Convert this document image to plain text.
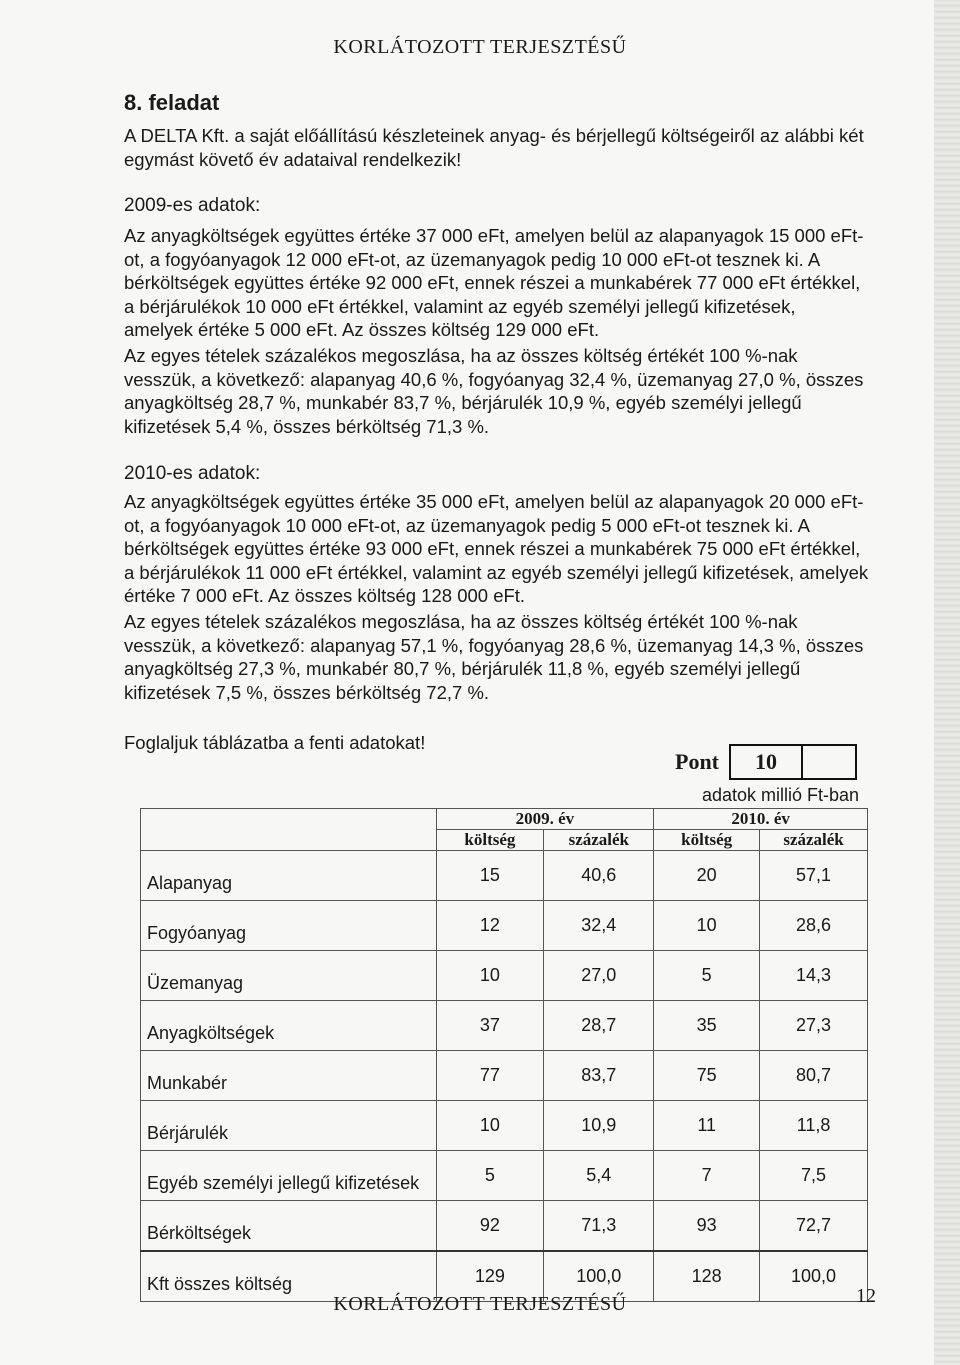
KORLÁTOZOTT TERJESZTÉSŰ
8. feladat

A DELTA Kft. a saját előállítású készleteinek anyag- és bérjellegű költségeiről az alábbi két egymást követő év adataival rendelkezik!

2009-es adatok:

Az anyagköltségek együttes értéke 37 000 eFt, amelyen belül az alapanyagok 15 000 eFt-ot, a fogyóanyagok 12 000 eFt-ot, az üzemanyagok pedig 10 000 eFt-ot tesznek ki. A bérköltségek együttes értéke 92 000 eFt, ennek részei a munkabérek 77 000 eFt értékkel, a bérjárulékok 10 000 eFt értékkel, valamint az egyéb személyi jellegű kifizetések, amelyek értéke 5 000 eFt. Az összes költség 129 000 eFt.

Az egyes tételek százalékos megoszlása, ha az összes költség értékét 100 %-nak vesszük, a következő: alapanyag 40,6 %, fogyóanyag 32,4 %, üzemanyag 27,0 %, összes anyagköltség 28,7 %, munkabér 83,7 %, bérjárulék 10,9 %, egyéb személyi jellegű kifizetések 5,4 %, összes bérköltség 71,3 %.

2010-es adatok:

Az anyagköltségek együttes értéke 35 000 eFt, amelyen belül az alapanyagok 20 000 eFt-ot, a fogyóanyagok 10 000 eFt-ot, az üzemanyagok pedig 5 000 eFt-ot tesznek ki. A bérköltségek együttes értéke 93 000 eFt, ennek részei a munkabérek 75 000 eFt értékkel, a bérjárulékok 11 000 eFt értékkel, valamint az egyéb személyi jellegű kifizetések, amelyek értéke 7 000 eFt. Az összes költség 128 000 eFt.

Az egyes tételek százalékos megoszlása, ha az összes költség értékét 100 %-nak vesszük, a következő: alapanyag 57,1 %, fogyóanyag 28,6 %, üzemanyag 14,3 %, összes anyagköltség 27,3 %, munkabér 80,7 %, bérjárulék 11,8 %, egyéb személyi jellegű kifizetések 7,5 %, összes bérköltség 72,7 %.

Foglaljuk táblázatba a fenti adatokat!
Pont	10
adatok millió Ft-ban
	2009. év		2010. év	
	költség	százalék	költség	százalék
Alapanyag	15	40,6	20	57,1
Fogyóanyag	12	32,4	10	28,6
Üzemanyag	10	27,0	5	14,3
Anyagköltségek	37	28,7	35	27,3
Munkabér	77	83,7	75	80,7
Bérjárulék	10	10,9	11	11,8
Egyéb személyi jellegű kifizetések	5	5,4	7	7,5
Bérköltségek	92	71,3	93	72,7
Kft összes költség	129	100,0	128	100,0
KORLÁTOZOTT TERJESZTÉSŰ	12
